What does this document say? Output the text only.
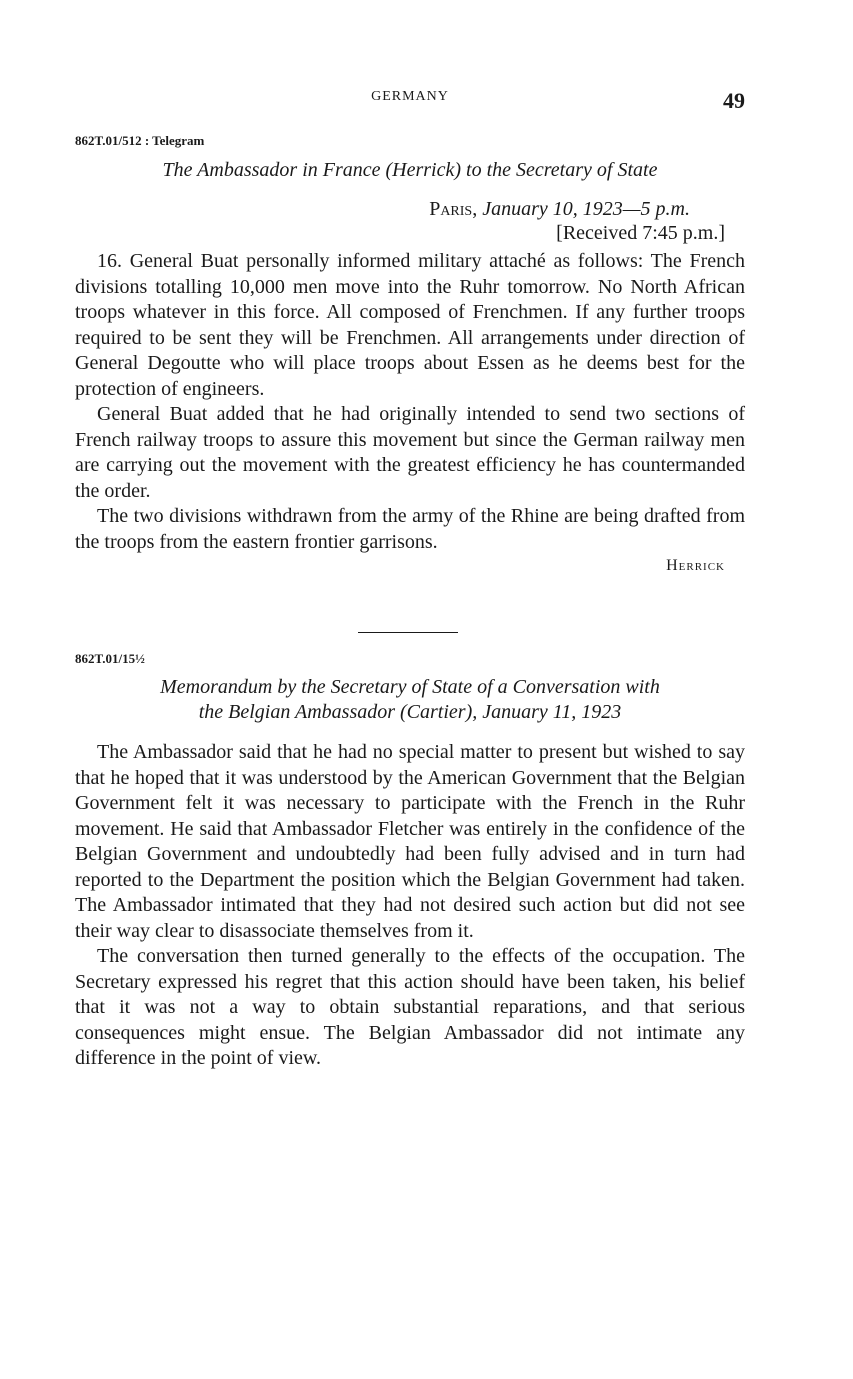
GERMANY	49
862T.01/512 : Telegram
The Ambassador in France (Herrick) to the Secretary of State
Paris, January 10, 1923—5 p.m.
[Received 7:45 p.m.]

16. General Buat personally informed military attaché as follows: The French divisions totalling 10,000 men move into the Ruhr tomorrow. No North African troops whatever in this force. All composed of Frenchmen. If any further troops required to be sent they will be Frenchmen. All arrangements under direction of General Degoutte who will place troops about Essen as he deems best for the protection of engineers.

General Buat added that he had originally intended to send two sections of French railway troops to assure this movement but since the German railway men are carrying out the movement with the greatest efficiency he has countermanded the order.

The two divisions withdrawn from the army of the Rhine are being drafted from the troops from the eastern frontier garrisons.

Herrick
862T.01/15½
Memorandum by the Secretary of State of a Conversation with
the Belgian Ambassador (Cartier), January 11, 1923

The Ambassador said that he had no special matter to present but wished to say that he hoped that it was understood by the American Government that the Belgian Government felt it was necessary to participate with the French in the Ruhr movement. He said that Ambassador Fletcher was entirely in the confidence of the Belgian Government and undoubtedly had been fully advised and in turn had reported to the Department the position which the Belgian Government had taken. The Ambassador intimated that they had not desired such action but did not see their way clear to disassociate themselves from it.

The conversation then turned generally to the effects of the occupation. The Secretary expressed his regret that this action should have been taken, his belief that it was not a way to obtain substantial reparations, and that serious consequences might ensue. The Belgian Ambassador did not intimate any difference in the point of view.
